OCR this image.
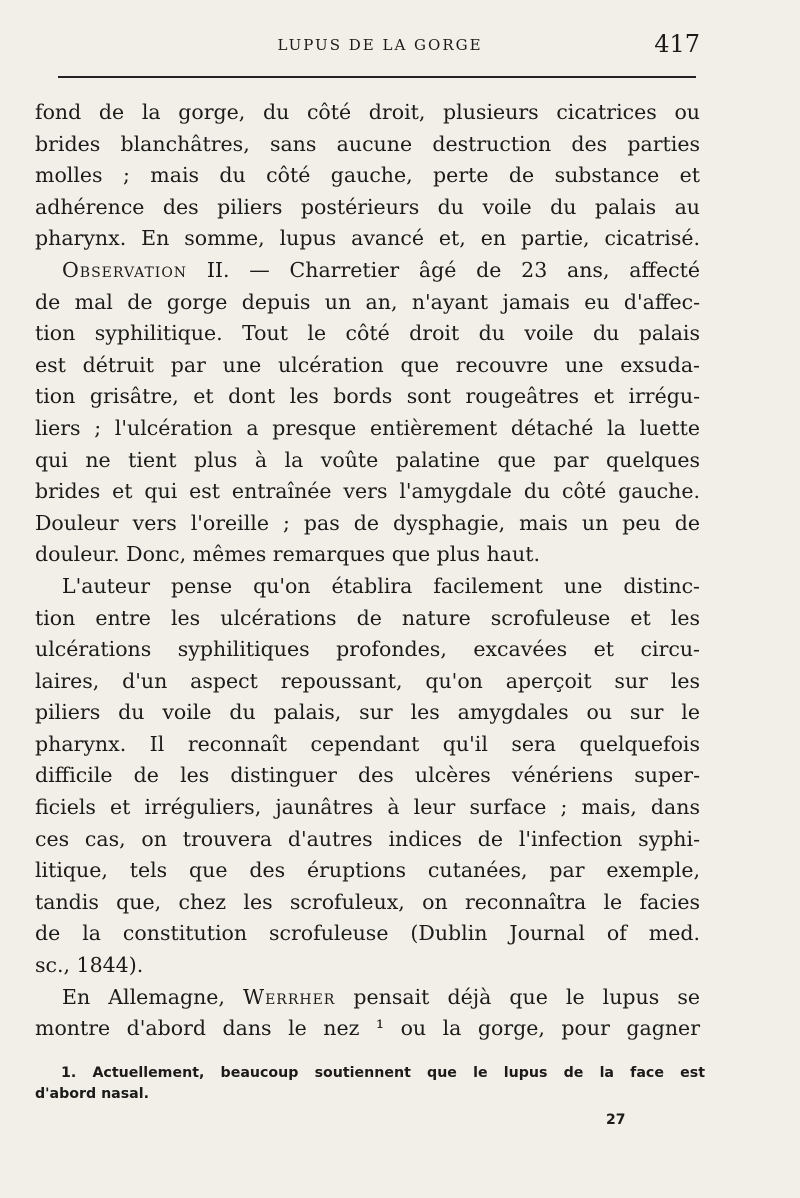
LUPUS DE LA GORGE	417
fond de la gorge, du côté droit, plusieurs cicatrices ou
brides blanchâtres, sans aucune destruction des parties
molles ; mais du côté gauche, perte de substance et
adhérence des piliers postérieurs du voile du palais au
pharynx. En somme, lupus avancé et, en partie, cicatrisé.
Observation II. — Charretier âgé de 23 ans, affecté
de mal de gorge depuis un an, n'ayant jamais eu d'affec-
tion syphilitique. Tout le côté droit du voile du palais
est détruit par une ulcération que recouvre une exsuda-
tion grisâtre, et dont les bords sont rougeâtres et irrégu-
liers ; l'ulcération a presque entièrement détaché la luette
qui ne tient plus à la voûte palatine que par quelques
brides et qui est entraînée vers l'amygdale du côté gauche.
Douleur vers l'oreille ; pas de dysphagie, mais un peu de
douleur. Donc, mêmes remarques que plus haut.
L'auteur pense qu'on établira facilement une distinc-
tion entre les ulcérations de nature scrofuleuse et les
ulcérations syphilitiques profondes, excavées et circu-
laires, d'un aspect repoussant, qu'on aperçoit sur les
piliers du voile du palais, sur les amygdales ou sur le
pharynx. Il reconnaît cependant qu'il sera quelquefois
difficile de les distinguer des ulcères vénériens super-
ficiels et irréguliers, jaunâtres à leur surface ; mais, dans
ces cas, on trouvera d'autres indices de l'infection syphi-
litique, tels que des éruptions cutanées, par exemple,
tandis que, chez les scrofuleux, on reconnaîtra le facies
de la constitution scrofuleuse (Dublin Journal of med.
sc., 1844).
En Allemagne, Werrher pensait déjà que le lupus se
montre d'abord dans le nez ¹ ou la gorge, pour gagner
1. Actuellement, beaucoup soutiennent que le lupus de la face est
d'abord nasal.
27
